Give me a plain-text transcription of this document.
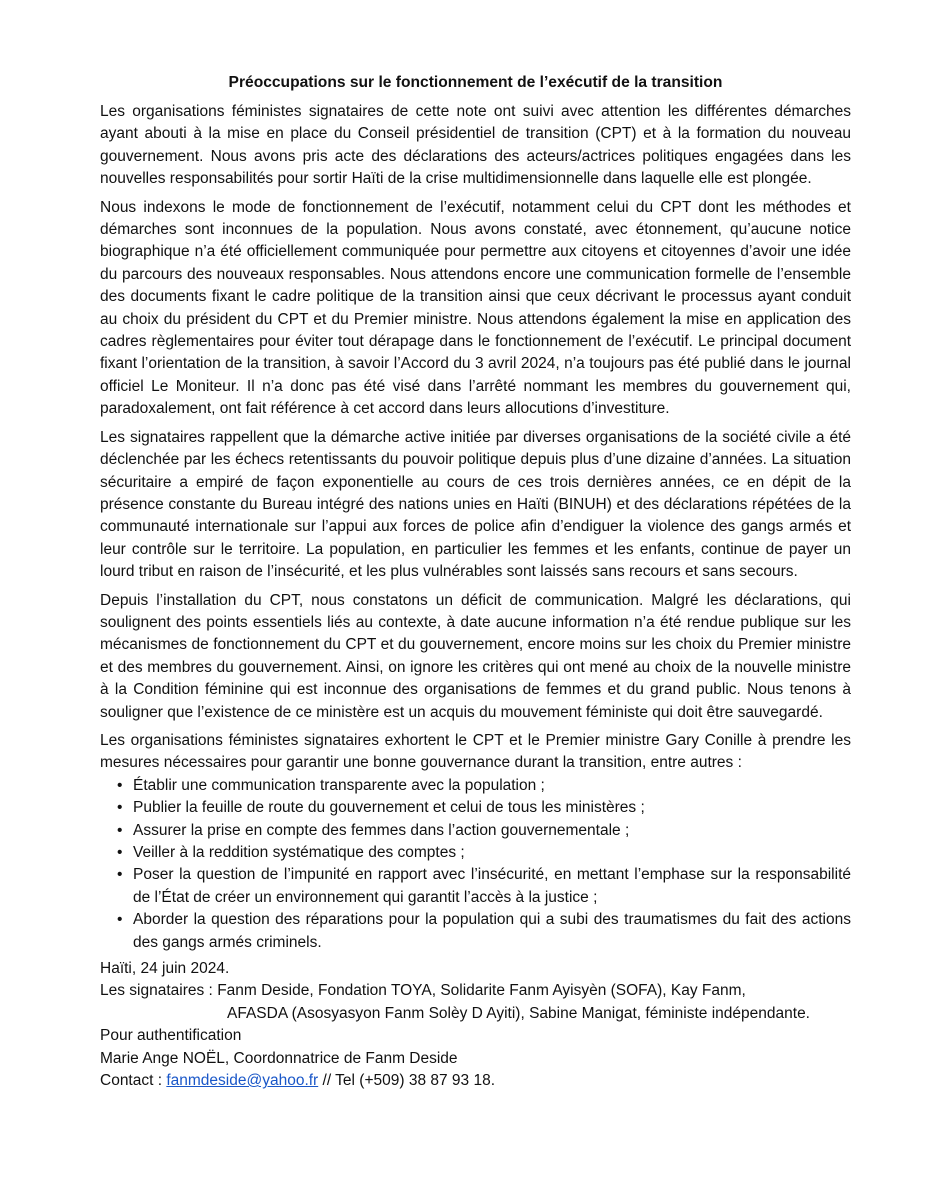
Préoccupations sur le fonctionnement de l’exécutif de la transition

Les organisations féministes signataires de cette note ont suivi avec attention les différentes démarches ayant abouti à la mise en place du Conseil présidentiel de transition (CPT) et à la formation du nouveau gouvernement. Nous avons pris acte des déclarations des acteurs/actrices politiques engagées dans les nouvelles responsabilités pour sortir Haïti de la crise multidimensionnelle dans laquelle elle est plongée.

Nous indexons le mode de fonctionnement de l’exécutif, notamment celui du CPT dont les méthodes et démarches sont inconnues de la population. Nous avons constaté, avec étonnement, qu’aucune notice biographique n’a été officiellement communiquée pour permettre aux citoyens et citoyennes d’avoir une idée du parcours des nouveaux responsables. Nous attendons encore une communication formelle de l’ensemble des documents fixant le cadre politique de la transition ainsi que ceux décrivant le processus ayant conduit au choix du président du CPT et du Premier ministre. Nous attendons également la mise en application des cadres règlementaires pour éviter tout dérapage dans le fonctionnement de l’exécutif. Le principal document fixant l’orientation de la transition, à savoir l’Accord du 3 avril 2024, n’a toujours pas été publié dans le journal officiel Le Moniteur. Il n’a donc pas été visé dans l’arrêté nommant les membres du gouvernement qui, paradoxalement, ont fait référence à cet accord dans leurs allocutions d’investiture.

Les signataires rappellent que la démarche active initiée par diverses organisations de la société civile a été déclenchée par les échecs retentissants du pouvoir politique depuis plus d’une dizaine d’années. La situation sécuritaire a empiré de façon exponentielle au cours de ces trois dernières années, ce en dépit de la présence constante du Bureau intégré des nations unies en Haïti (BINUH) et des déclarations répétées de la communauté internationale sur l’appui aux forces de police afin d’endiguer la violence des gangs armés et leur contrôle sur le territoire. La population, en particulier les femmes et les enfants, continue de payer un lourd tribut en raison de l’insécurité, et les plus vulnérables sont laissés sans recours et sans secours.

Depuis l’installation du CPT, nous constatons un déficit de communication. Malgré les déclarations, qui soulignent des points essentiels liés au contexte, à date aucune information n’a été rendue publique sur les mécanismes de fonctionnement du CPT et du gouvernement, encore moins sur les choix du Premier ministre et des membres du gouvernement. Ainsi, on ignore les critères qui ont mené au choix de la nouvelle ministre à la Condition féminine qui est inconnue des organisations de femmes et du grand public. Nous tenons à souligner que l’existence de ce ministère est un acquis du mouvement féministe qui doit être sauvegardé.

Les organisations féministes signataires exhortent le CPT et le Premier ministre Gary Conille à prendre les mesures nécessaires pour garantir une bonne gouvernance durant la transition, entre autres :

• Établir une communication transparente avec la population ;
• Publier la feuille de route du gouvernement et celui de tous les ministères ;
• Assurer la prise en compte des femmes dans l’action gouvernementale ;
• Veiller à la reddition systématique des comptes ;
• Poser la question de l’impunité en rapport avec l’insécurité, en mettant l’emphase sur la responsabilité de l’État de créer un environnement qui garantit l’accès à la justice ;
• Aborder la question des réparations pour la population qui a subi des traumatismes du fait des actions des gangs armés criminels.

Haïti, 24 juin 2024.

Les signataires : Fanm Deside, Fondation TOYA, Solidarite Fanm Ayisyèn (SOFA), Kay Fanm,

AFASDA (Asosyasyon Fanm Solèy D Ayiti), Sabine Manigat, féministe indépendante.

Pour authentification

Marie Ange NOËL, Coordonnatrice de Fanm Deside

Contact : fanmdeside@yahoo.fr // Tel (+509) 38 87 93 18.
